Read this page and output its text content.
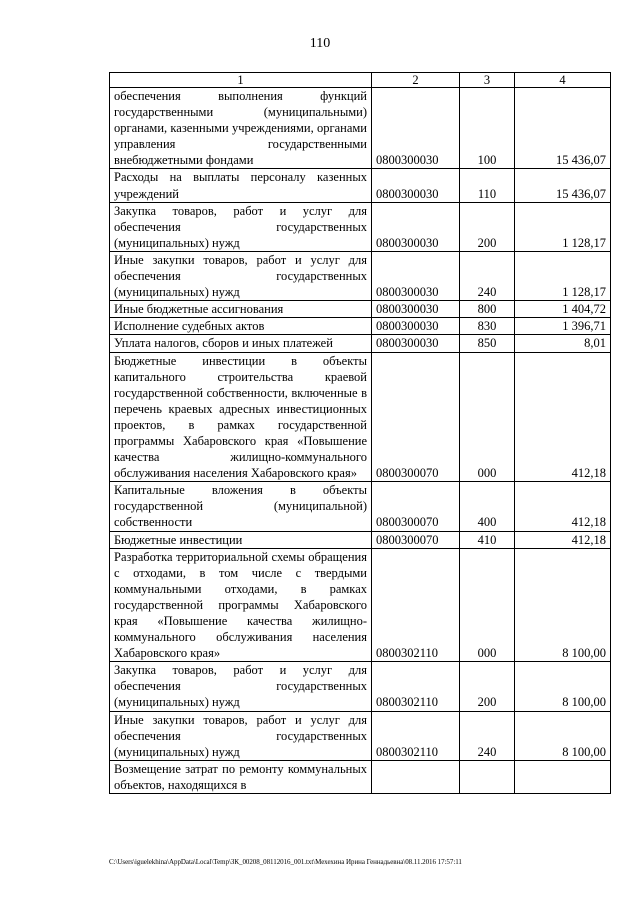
110
1	2	3	4
обеспечения выполнения функций государственными (муниципальными) органами, казенными учреждениями, органами управления государственными внебюджетными фондами	0800300030	100	15 436,07
Расходы на выплаты персоналу казенных учреждений	0800300030	110	15 436,07
Закупка товаров, работ и услуг для обеспечения государственных (муниципальных) нужд	0800300030	200	1 128,17
Иные закупки товаров, работ и услуг для обеспечения государственных (муниципальных) нужд	0800300030	240	1 128,17
Иные бюджетные ассигнования	0800300030	800	1 404,72
Исполнение судебных актов	0800300030	830	1 396,71
Уплата налогов, сборов и иных платежей	0800300030	850	8,01
Бюджетные инвестиции в объекты капитального строительства краевой государственной собственности, включенные в перечень краевых адресных инвестиционных проектов, в рамках государственной программы Хабаровского края «Повышение качества жилищно-коммунального обслуживания населения Хабаровского края»	0800300070	000	412,18
Капитальные вложения в объекты государственной (муниципальной) собственности	0800300070	400	412,18
Бюджетные инвестиции	0800300070	410	412,18
Разработка территориальной схемы обращения с отходами, в том числе с твердыми коммунальными отходами, в рамках государственной программы Хабаровского края «Повышение качества жилищно-коммунального обслуживания населения Хабаровского края»	0800302110	000	8 100,00
Закупка товаров, работ и услуг для обеспечения государственных (муниципальных) нужд	0800302110	200	8 100,00
Иные закупки товаров, работ и услуг для обеспечения государственных (муниципальных) нужд	0800302110	240	8 100,00
Возмещение затрат по ремонту коммунальных объектов, находящихся в			
C:\Users\iguelekhina\AppData\Local\Temp\ЗК_00208_08112016_001.txt\Мехехина Ирина Геннадьевна\08.11.2016 17:57:11
